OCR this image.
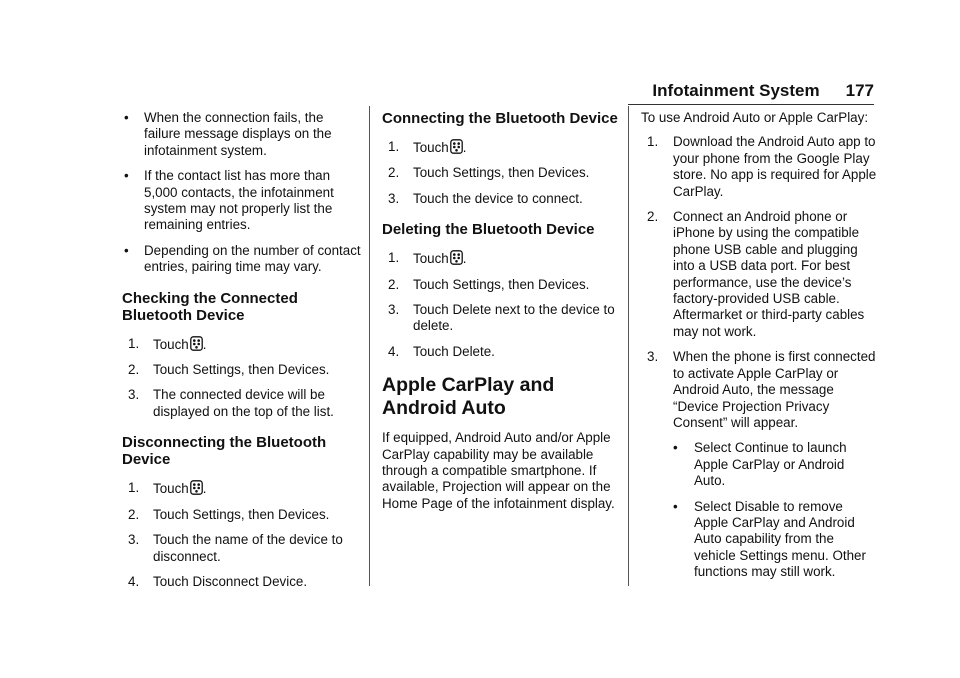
Infotainment System 177
• When the connection fails, the failure message displays on the infotainment system.
• If the contact list has more than 5,000 contacts, the infotainment system may not properly list the remaining entries.
• Depending on the number of contact entries, pairing time may vary.
Checking the Connected Bluetooth Device
1. Touch .
2. Touch Settings, then Devices.
3. The connected device will be displayed on the top of the list.
Disconnecting the Bluetooth Device
1. Touch .
2. Touch Settings, then Devices.
3. Touch the name of the device to disconnect.
4. Touch Disconnect Device.
Connecting the Bluetooth Device
1. Touch .
2. Touch Settings, then Devices.
3. Touch the device to connect.
Deleting the Bluetooth Device
1. Touch .
2. Touch Settings, then Devices.
3. Touch Delete next to the device to delete.
4. Touch Delete.
Apple CarPlay and Android Auto

If equipped, Android Auto and/or Apple CarPlay capability may be available through a compatible smartphone. If available, Projection will appear on the Home Page of the infotainment display.

To use Android Auto or Apple CarPlay:

1. Download the Android Auto app to your phone from the Google Play store. No app is required for Apple CarPlay.
2. Connect an Android phone or iPhone by using the compatible phone USB cable and plugging into a USB data port. For best performance, use the device’s factory-provided USB cable. Aftermarket or third-party cables may not work.
3. When the phone is first connected to activate Apple CarPlay or Android Auto, the message “Device Projection Privacy Consent” will appear.
• Select Continue to launch Apple CarPlay or Android Auto.
• Select Disable to remove Apple CarPlay and Android Auto capability from the vehicle Settings menu. Other functions may still work.
